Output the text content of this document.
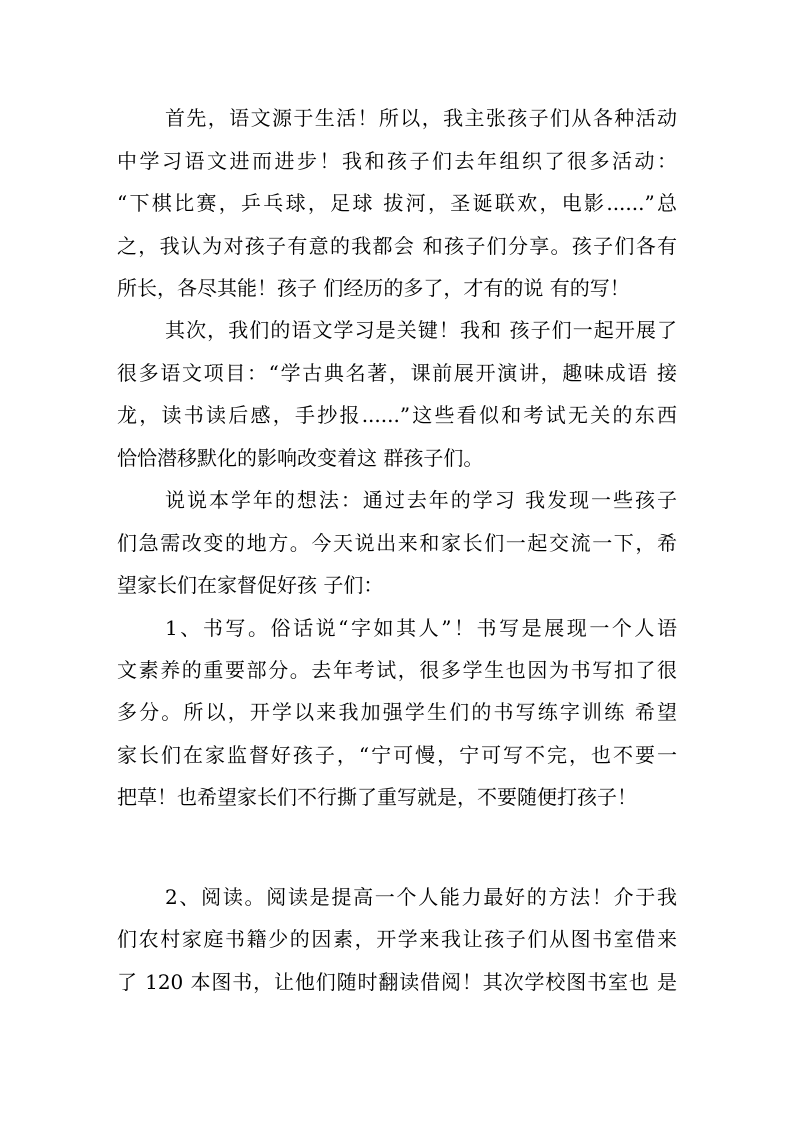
首先，语文源于生活！所以，我主张孩子们从各种活动
中学习语文进而进步！我和孩子们去年组织了很多活动：
“下棋比赛，乒乓球，足球 拔河，圣诞联欢，电影......”总
之，我认为对孩子有意的我都会 和孩子们分享。孩子们各有
所长，各尽其能！孩子 们经历的多了，才有的说 有的写！
其次，我们的语文学习是关键！我和 孩子们一起开展了
很多语文项目：“学古典名著，课前展开演讲，趣味成语 接
龙，读书读后感，手抄报......”这些看似和考试无关的东西
恰恰潜移默化的影响改变着这 群孩子们。
说说本学年的想法：通过去年的学习 我发现一些孩子
们急需改变的地方。今天说出来和家长们一起交流一下，希
望家长们在家督促好孩 子们：
1、书写。俗话说“字如其人”！书写是展现一个人语
文素养的重要部分。去年考试，很多学生也因为书写扣了很
多分。所以，开学以来我加强学生们的书写练字训练 希望
家长们在家监督好孩子，“宁可慢，宁可写不完，也不要一
把草！也希望家长们不行撕了重写就是，不要随便打孩子！
2、阅读。阅读是提高一个人能力最好的方法！介于我
们农村家庭书籍少的因素，开学来我让孩子们从图书室借来
了 120 本图书，让他们随时翻读借阅！其次学校图书室也 是
